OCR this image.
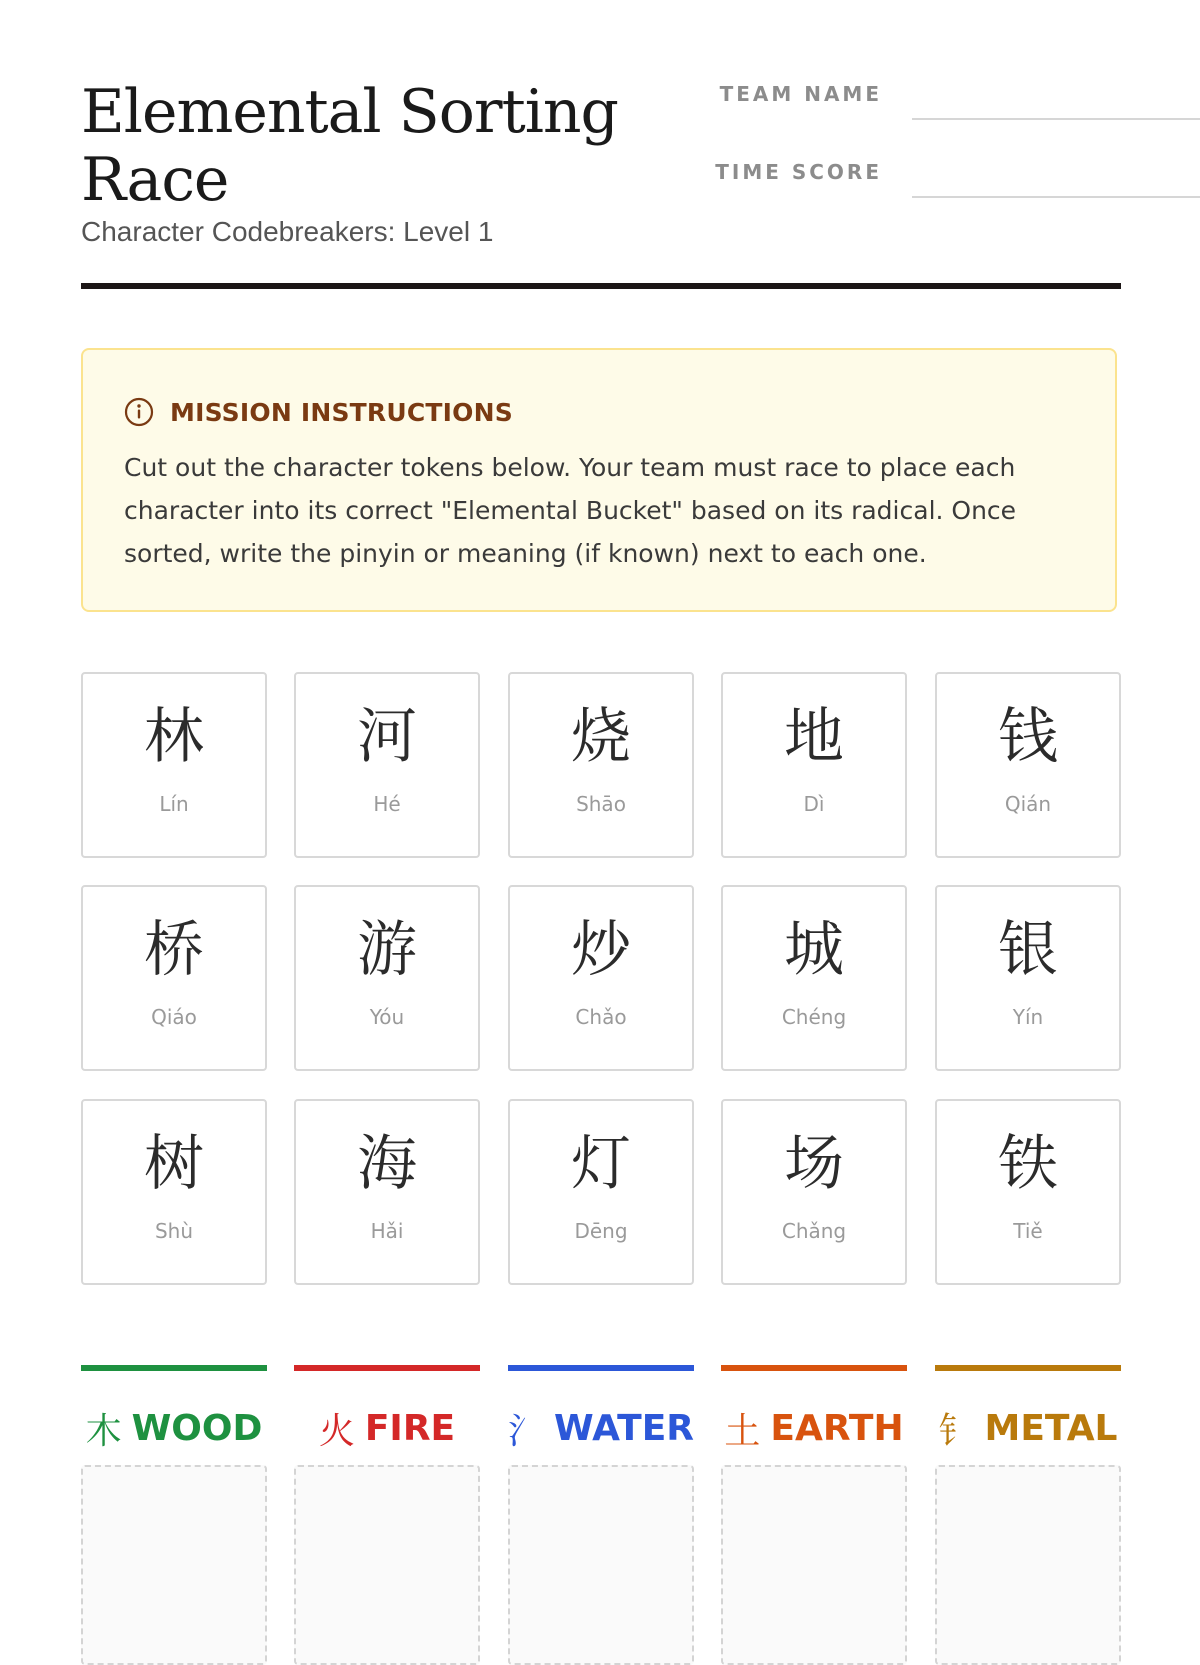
Elemental Sorting Race
Character Codebreakers: Level 1
TEAM NAME
TIME SCORE
MISSION INSTRUCTIONS
Cut out the character tokens below. Your team must race to place each character into its correct "Elemental Bucket" based on its radical. Once sorted, write the pinyin or meaning (if known) next to each one.
林
Lín
河
Hé
烧
Shāo
地
Dì
钱
Qián
桥
Qiáo
游
Yóu
炒
Chǎo
城
Chéng
银
Yín
树
Shù
海
Hǎi
灯
Dēng
场
Chǎng
铁
Tiě
木 WOOD 火 FIRE 氵 WATER 土 EARTH 钅 METAL
